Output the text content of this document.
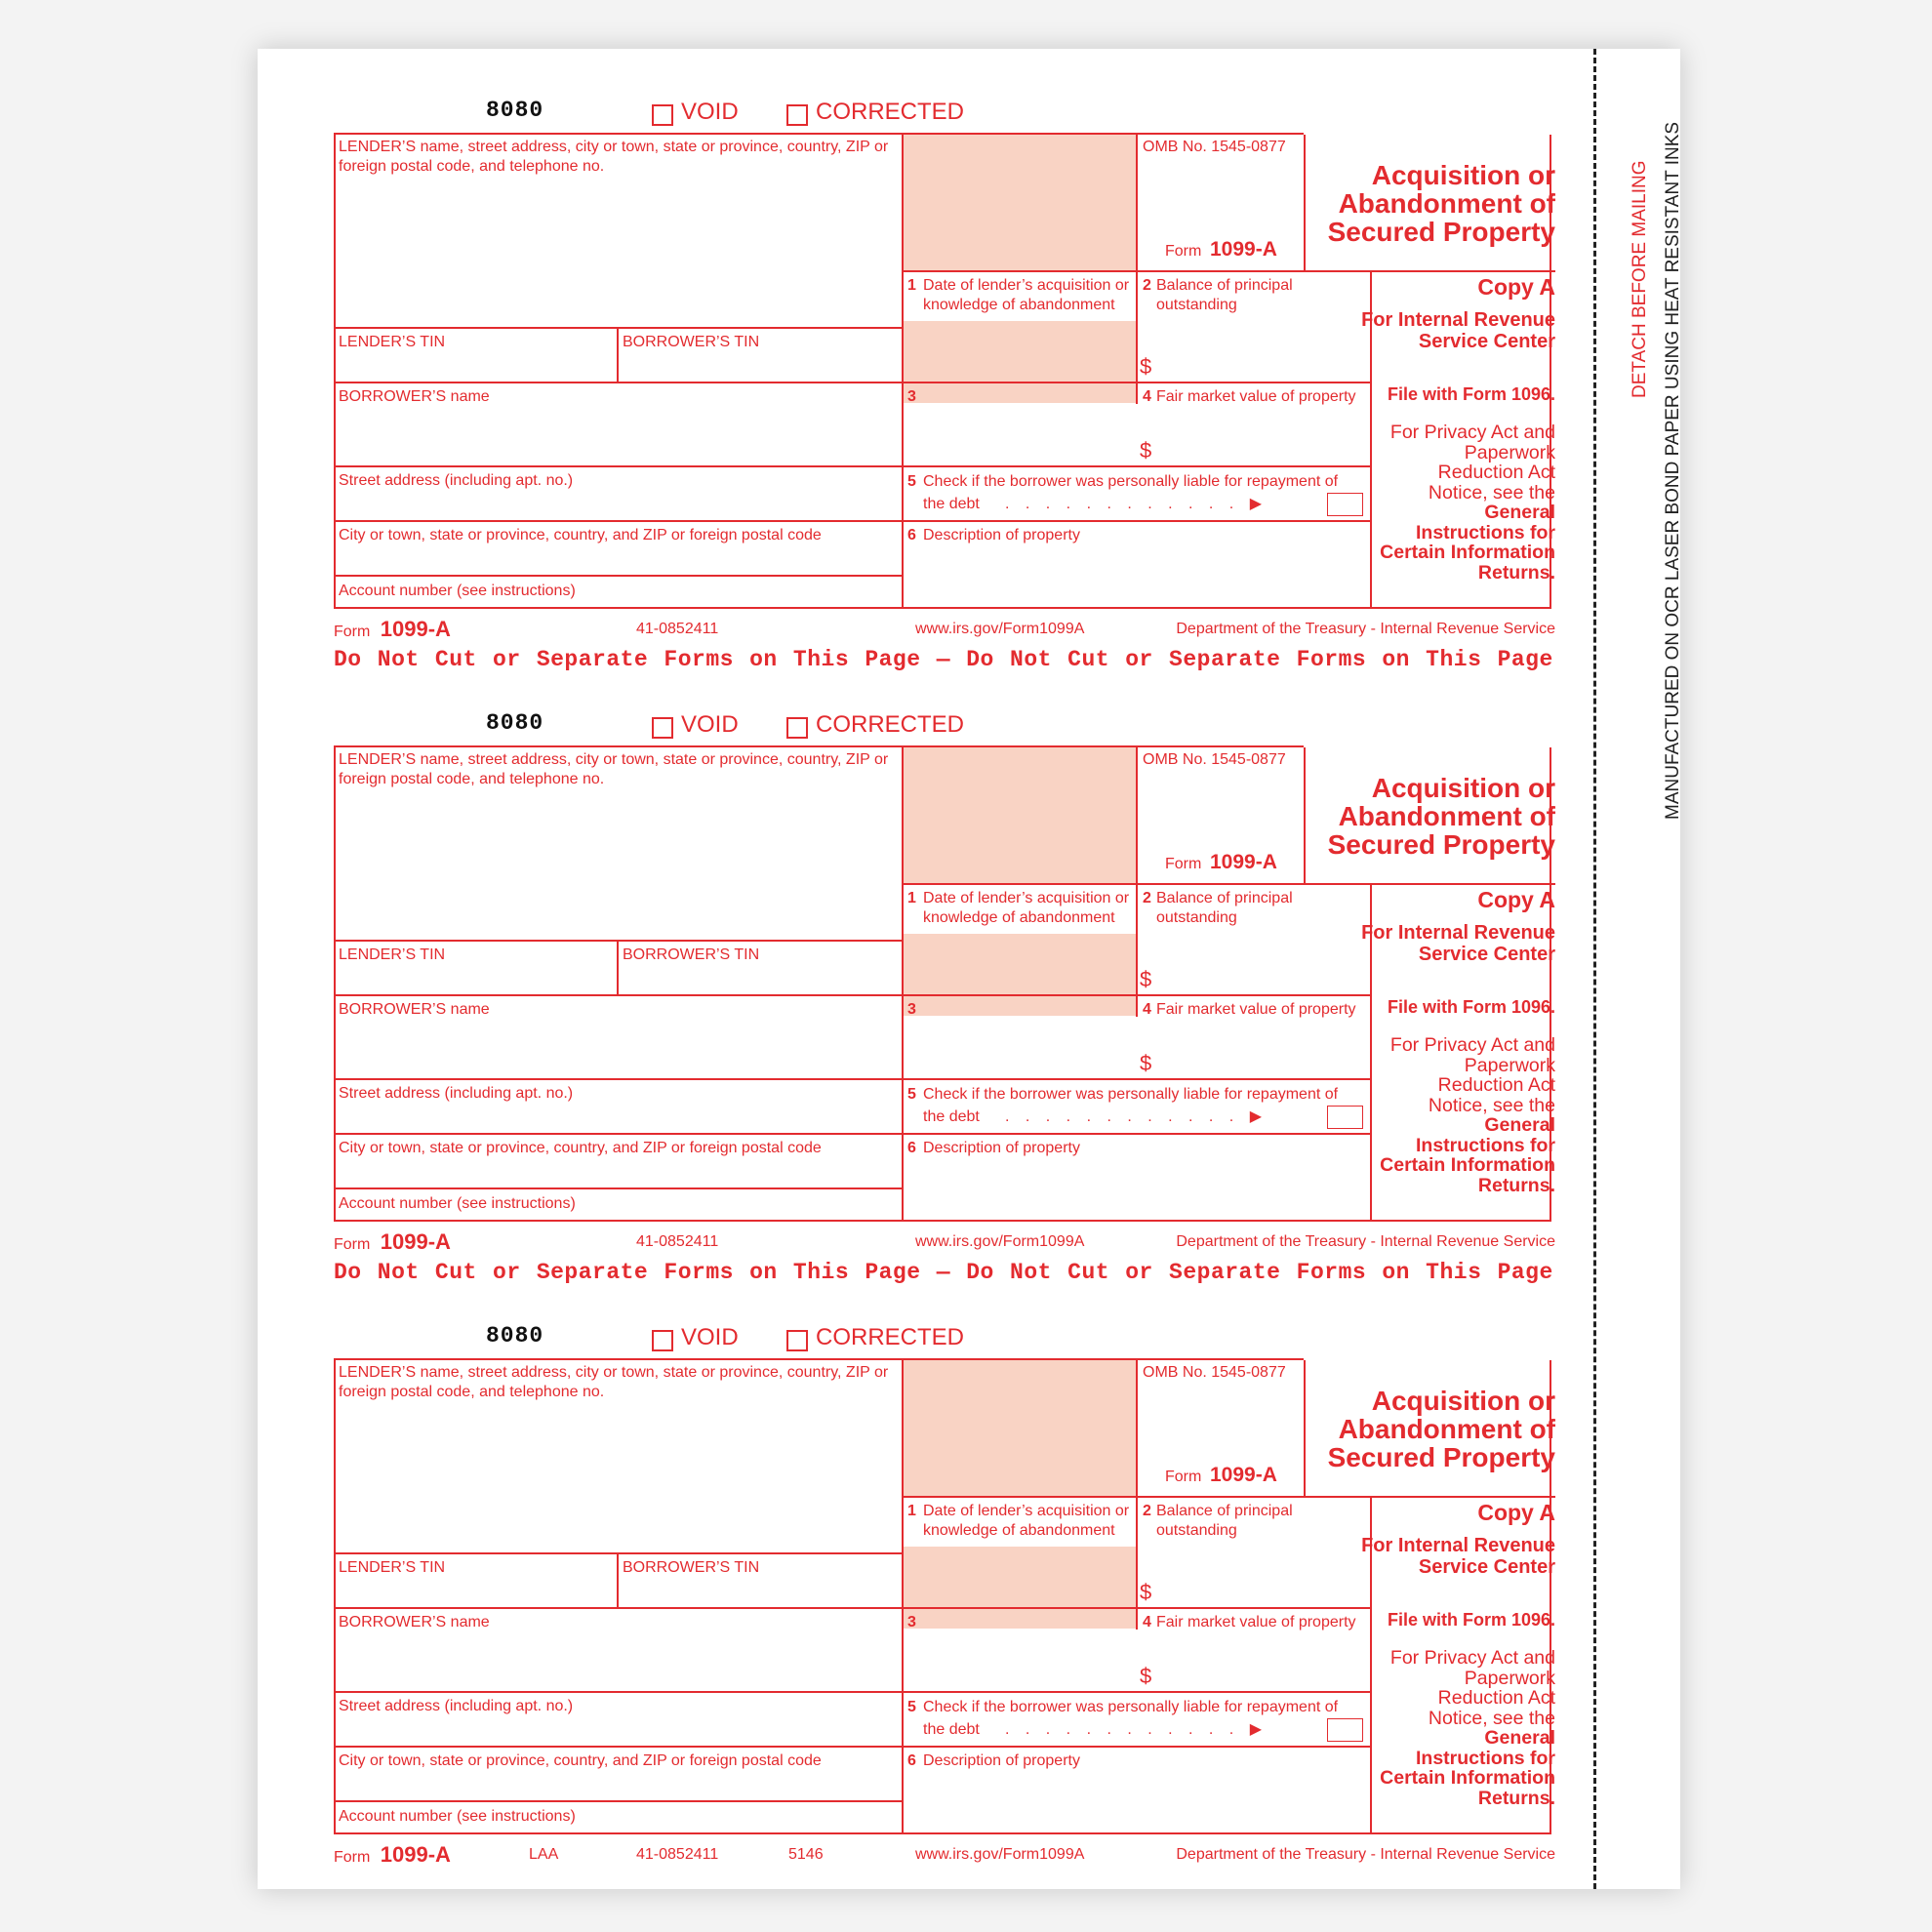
DETACH BEFORE MAILING MANUFACTURED ON OCR LASER BOND PAPER USING HEAT RESISTANT INKS
8080	VOID	CORRECTED
LENDER’S name, street address, city or town, state or province, country, ZIP or foreign postal code, and telephone no.
OMB No. 1545-0877
Form 1099-A
LENDER’S TIN	BORROWER’S TIN
1 Date of lender’s acquisition or knowledge of abandonment
2 Balance of principal outstanding
$
BORROWER’S name	3	4 Fair market value of property
$
Street address (including apt. no.)	5 Check if the borrower was personally liable for repayment of
the debt . . . . . . . . . . . . ▶
City or town, state or province, country, and ZIP or foreign postal code	6 Description of property
Account number (see instructions)
Acquisition or Abandonment of Secured Property
Copy A
For Internal Revenue Service Center
File with Form 1096.
For Privacy Act and Paperwork Reduction Act Notice, see the General Instructions for Certain Information Returns.
Form 1099-A	41-0852411	www.irs.gov/Form1099A	Department of the Treasury - Internal Revenue Service
Do Not Cut or Separate Forms on This Page — Do Not Cut or Separate Forms on This Page
8080	VOID	CORRECTED
LENDER’S name, street address, city or town, state or province, country, ZIP or foreign postal code, and telephone no.
OMB No. 1545-0877
Form 1099-A
LENDER’S TIN	BORROWER’S TIN
1 Date of lender’s acquisition or knowledge of abandonment
2 Balance of principal outstanding
$
BORROWER’S name	3	4 Fair market value of property
$
Street address (including apt. no.)	5 Check if the borrower was personally liable for repayment of
the debt . . . . . . . . . . . . ▶
City or town, state or province, country, and ZIP or foreign postal code	6 Description of property
Account number (see instructions)
Acquisition or Abandonment of Secured Property
Copy A
For Internal Revenue Service Center
File with Form 1096.
For Privacy Act and Paperwork Reduction Act Notice, see the General Instructions for Certain Information Returns.
Form 1099-A	41-0852411	www.irs.gov/Form1099A	Department of the Treasury - Internal Revenue Service
Do Not Cut or Separate Forms on This Page — Do Not Cut or Separate Forms on This Page
8080	VOID	CORRECTED
LENDER’S name, street address, city or town, state or province, country, ZIP or foreign postal code, and telephone no.
OMB No. 1545-0877
Form 1099-A
LENDER’S TIN	BORROWER’S TIN
1 Date of lender’s acquisition or knowledge of abandonment
2 Balance of principal outstanding
$
BORROWER’S name	3	4 Fair market value of property
$
Street address (including apt. no.)	5 Check if the borrower was personally liable for repayment of
the debt . . . . . . . . . . . . ▶
City or town, state or province, country, and ZIP or foreign postal code	6 Description of property
Account number (see instructions)
Acquisition or Abandonment of Secured Property
Copy A
For Internal Revenue Service Center
File with Form 1096.
For Privacy Act and Paperwork Reduction Act Notice, see the General Instructions for Certain Information Returns.
Form 1099-A	41-0852411	www.irs.gov/Form1099A	Department of the Treasury - Internal Revenue Service
LAA	5146
